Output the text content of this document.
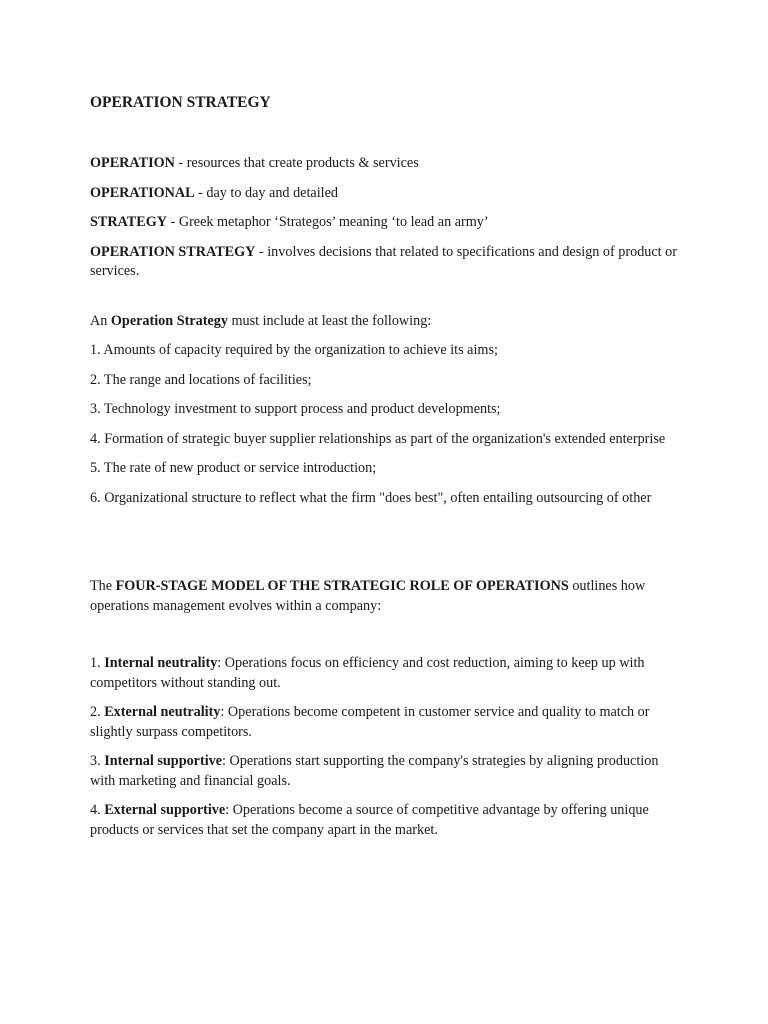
OPERATION STRATEGY

OPERATION - resources that create products & services

OPERATIONAL - day to day and detailed

STRATEGY - Greek metaphor ‘Strategos’ meaning ‘to lead an army’

OPERATION STRATEGY - involves decisions that related to specifications and design of product or services.

An Operation Strategy must include at least the following:

1. Amounts of capacity required by the organization to achieve its aims;

2. The range and locations of facilities;

3. Technology investment to support process and product developments;

4. Formation of strategic buyer supplier relationships as part of the organization's extended enterprise

5. The rate of new product or service introduction;

6. Organizational structure to reflect what the firm "does best", often entailing outsourcing of other

The FOUR-STAGE MODEL OF THE STRATEGIC ROLE OF OPERATIONS outlines how operations management evolves within a company:

1. Internal neutrality: Operations focus on efficiency and cost reduction, aiming to keep up with competitors without standing out.

2. External neutrality: Operations become competent in customer service and quality to match or slightly surpass competitors.

3. Internal supportive: Operations start supporting the company's strategies by aligning production with marketing and financial goals.

4. External supportive: Operations become a source of competitive advantage by offering unique products or services that set the company apart in the market.
